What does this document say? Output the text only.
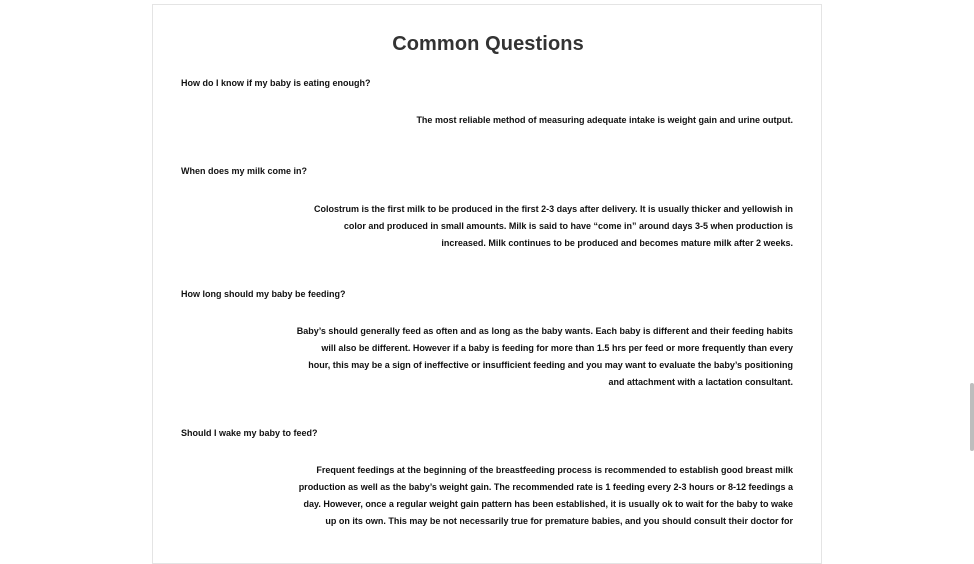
Common Questions
How do I know if my baby is eating enough?
The most reliable method of measuring adequate intake is weight gain and urine output.
When does my milk come in?
Colostrum is the first milk to be produced in the first 2-3 days after delivery. It is usually thicker and yellowish in
color and produced in small amounts. Milk is said to have “come in” around days 3-5 when production is
increased. Milk continues to be produced and becomes mature milk after 2 weeks.
How long should my baby be feeding?
Baby’s should generally feed as often and as long as the baby wants. Each baby is different and their feeding habits
will also be different. However if a baby is feeding for more than 1.5 hrs per feed or more frequently than every
hour, this may be a sign of ineffective or insufficient feeding and you may want to evaluate the baby’s positioning
and attachment with a lactation consultant.
Should I wake my baby to feed?
Frequent feedings at the beginning of the breastfeeding process is recommended to establish good breast milk
production as well as the baby’s weight gain. The recommended rate is 1 feeding every 2-3 hours or 8-12 feedings a
day. However, once a regular weight gain pattern has been established, it is usually ok to wait for the baby to wake
up on its own. This may be not necessarily true for premature babies, and you should consult their doctor for
